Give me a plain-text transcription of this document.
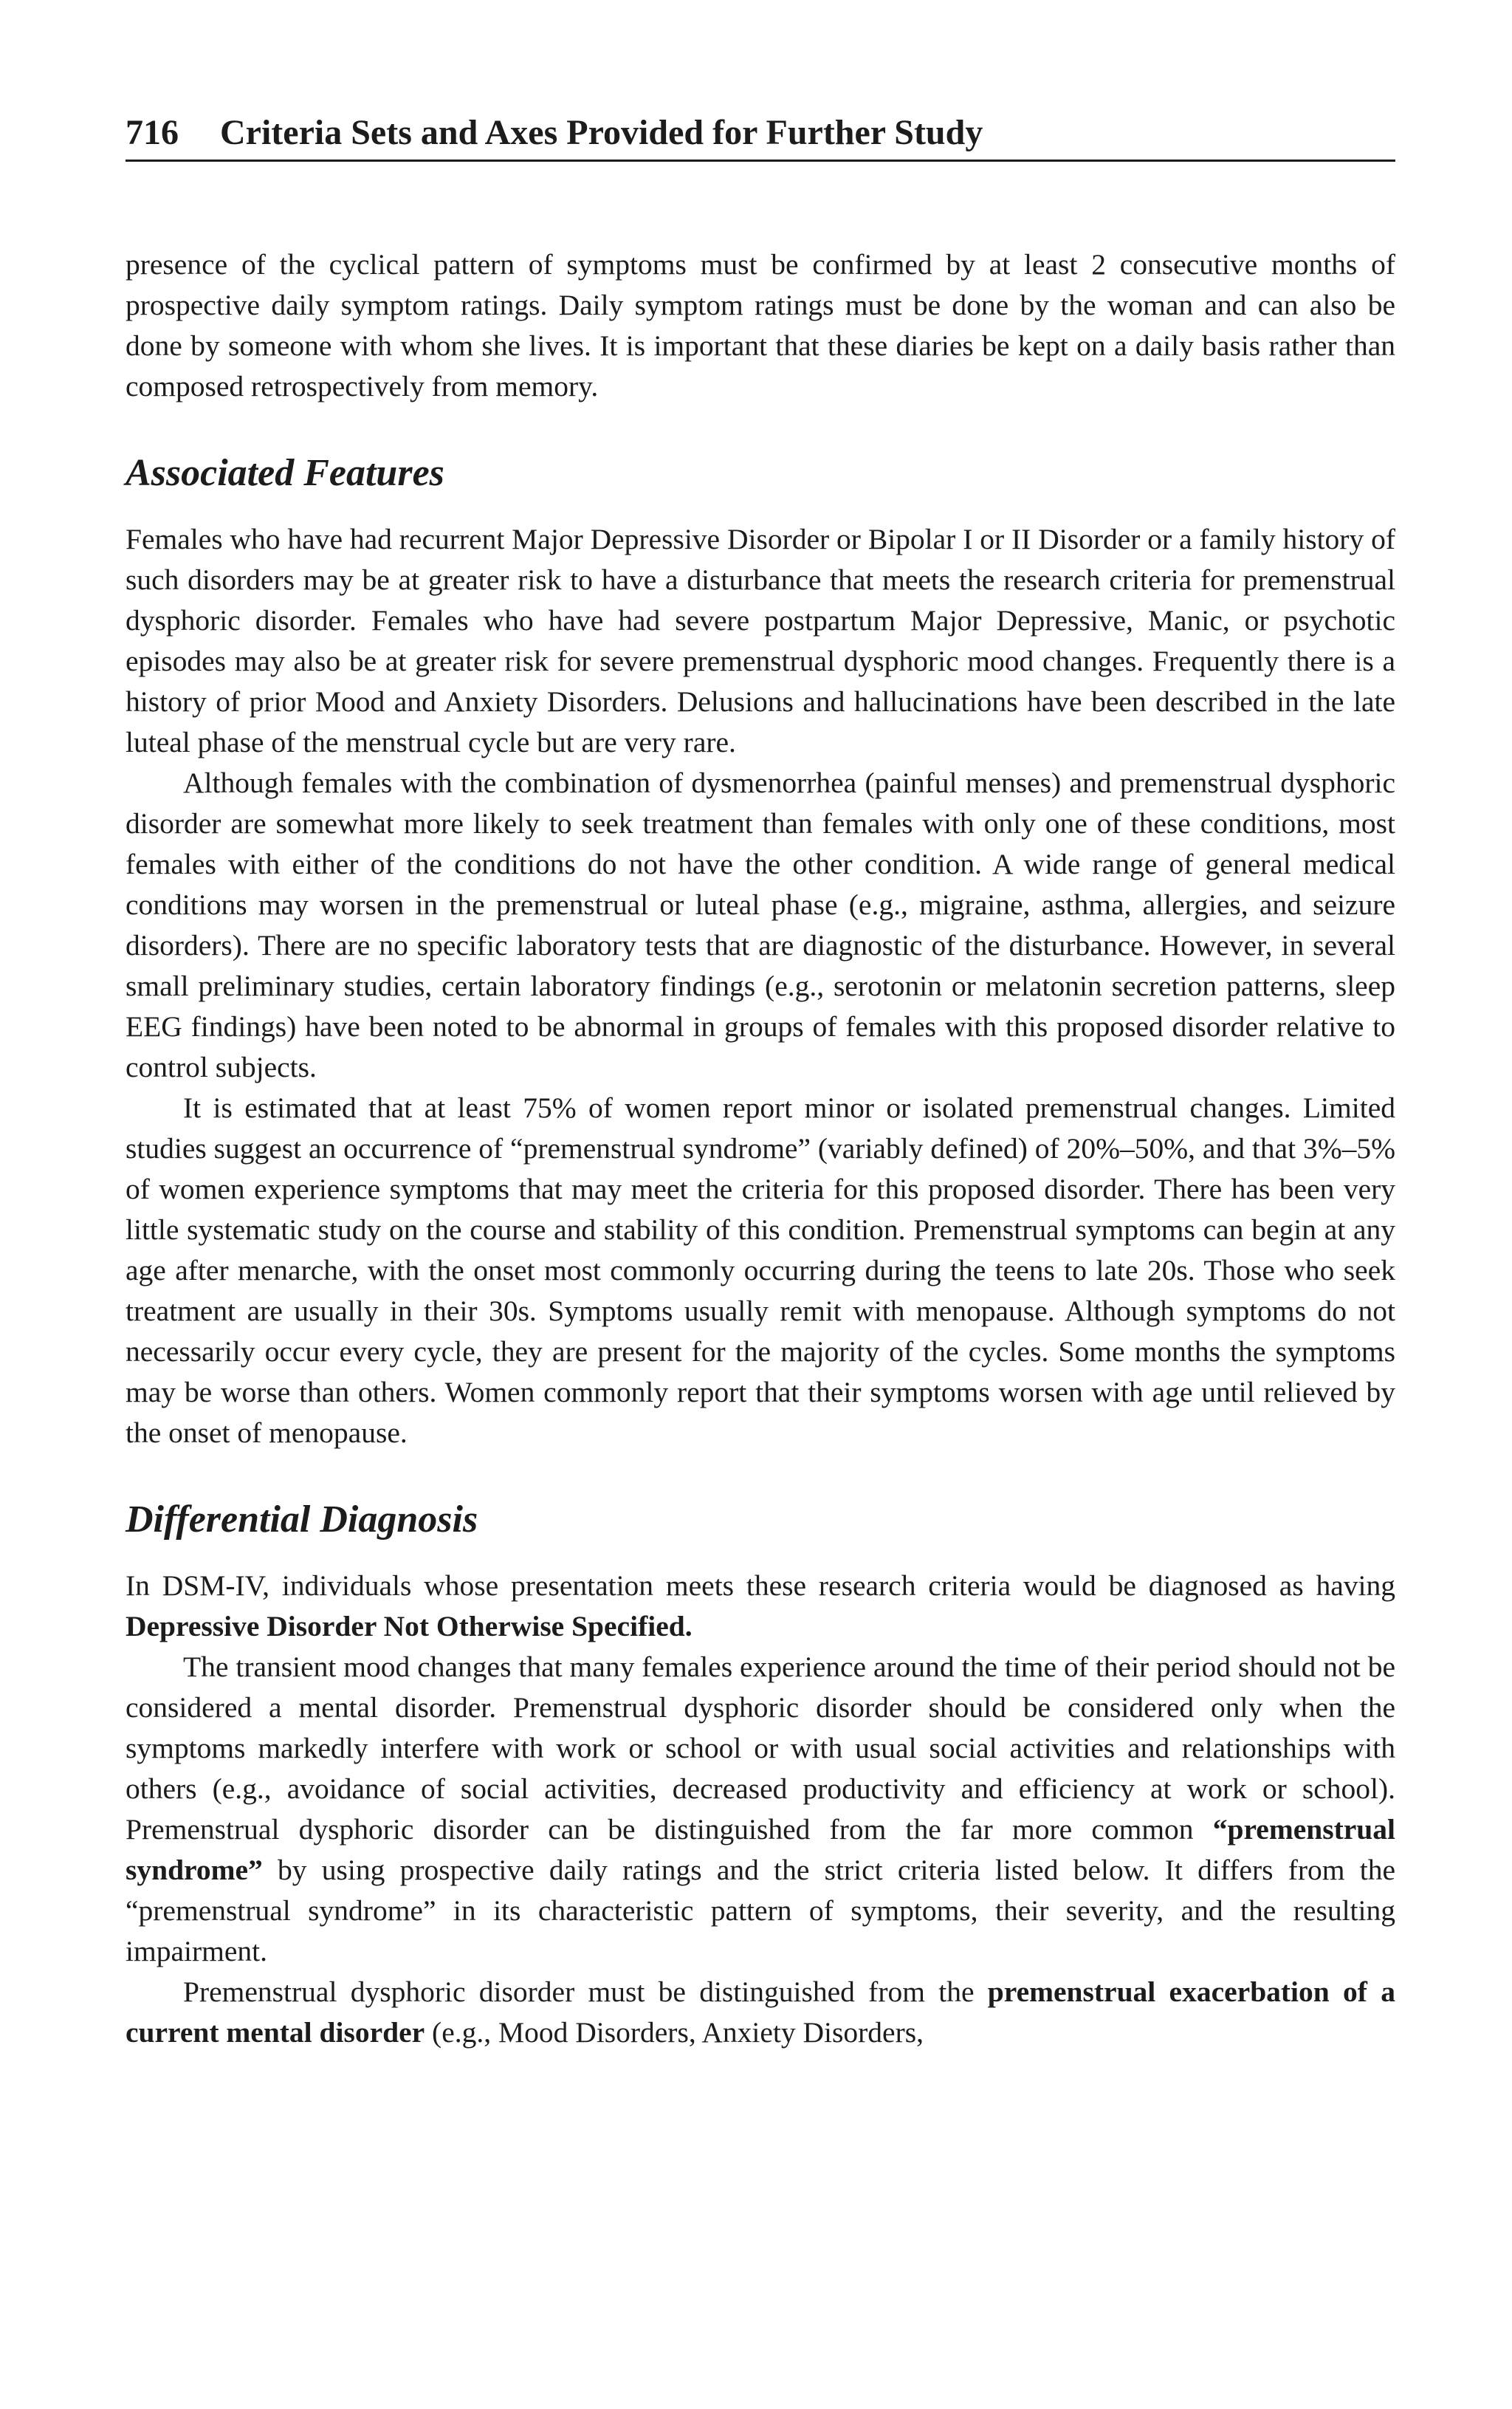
716 Criteria Sets and Axes Provided for Further Study

presence of the cyclical pattern of symptoms must be confirmed by at least 2 consecutive months of prospective daily symptom ratings. Daily symptom ratings must be done by the woman and can also be done by someone with whom she lives. It is important that these diaries be kept on a daily basis rather than composed retrospectively from memory.

Associated Features

Females who have had recurrent Major Depressive Disorder or Bipolar I or II Disorder or a family history of such disorders may be at greater risk to have a disturbance that meets the research criteria for premenstrual dysphoric disorder. Females who have had severe postpartum Major Depressive, Manic, or psychotic episodes may also be at greater risk for severe premenstrual dysphoric mood changes. Frequently there is a history of prior Mood and Anxiety Disorders. Delusions and hallucinations have been described in the late luteal phase of the menstrual cycle but are very rare.

Although females with the combination of dysmenorrhea (painful menses) and premenstrual dysphoric disorder are somewhat more likely to seek treatment than females with only one of these conditions, most females with either of the conditions do not have the other condition. A wide range of general medical conditions may worsen in the premenstrual or luteal phase (e.g., migraine, asthma, allergies, and seizure disorders). There are no specific laboratory tests that are diagnostic of the disturbance. However, in several small preliminary studies, certain laboratory findings (e.g., serotonin or melatonin secretion patterns, sleep EEG findings) have been noted to be abnormal in groups of females with this proposed disorder relative to control subjects.

It is estimated that at least 75% of women report minor or isolated premenstrual changes. Limited studies suggest an occurrence of “premenstrual syndrome” (variably defined) of 20%–50%, and that 3%–5% of women experience symptoms that may meet the criteria for this proposed disorder. There has been very little systematic study on the course and stability of this condition. Premenstrual symptoms can begin at any age after menarche, with the onset most commonly occurring during the teens to late 20s. Those who seek treatment are usually in their 30s. Symptoms usually remit with menopause. Although symptoms do not necessarily occur every cycle, they are present for the majority of the cycles. Some months the symptoms may be worse than others. Women commonly report that their symptoms worsen with age until relieved by the onset of menopause.

Differential Diagnosis

In DSM-IV, individuals whose presentation meets these research criteria would be diagnosed as having Depressive Disorder Not Otherwise Specified.

The transient mood changes that many females experience around the time of their period should not be considered a mental disorder. Premenstrual dysphoric disorder should be considered only when the symptoms markedly interfere with work or school or with usual social activities and relationships with others (e.g., avoidance of social activities, decreased productivity and efficiency at work or school). Premenstrual dysphoric disorder can be distinguished from the far more common “premenstrual syndrome” by using prospective daily ratings and the strict criteria listed below. It differs from the “premenstrual syndrome” in its characteristic pattern of symptoms, their severity, and the resulting impairment.

Premenstrual dysphoric disorder must be distinguished from the premenstrual exacerbation of a current mental disorder (e.g., Mood Disorders, Anxiety Disorders,
